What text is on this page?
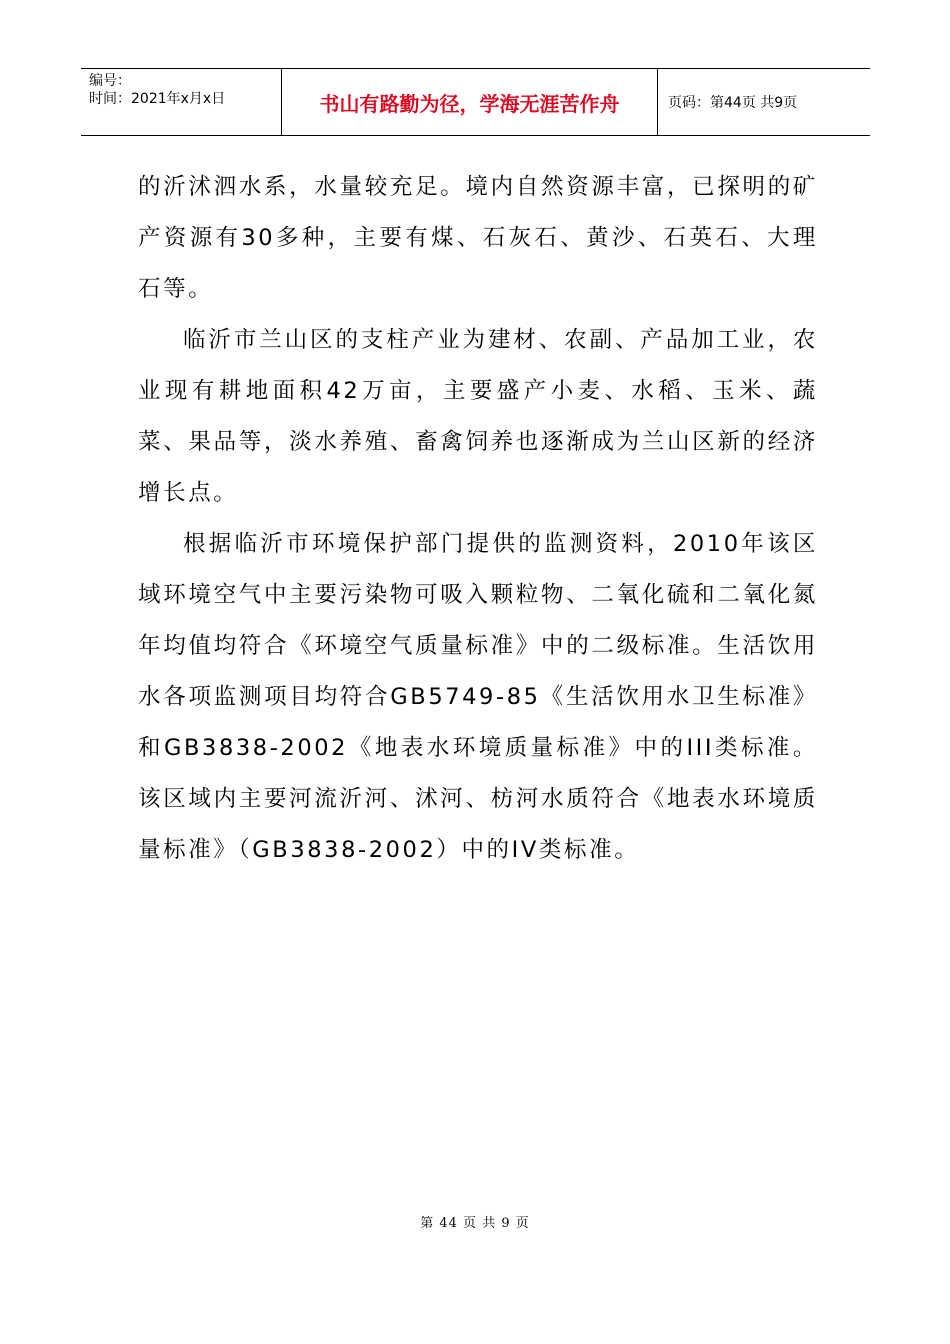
编号：
时间：2021年x月x日	书山有路勤为径，学海无涯苦作舟	页码：第44页 共9页

的沂沭泗水系，水量较充足。境内自然资源丰富，已探明的矿产资源有30多种，主要有煤、石灰石、黄沙、石英石、大理石等。

临沂市兰山区的支柱产业为建材、农副、产品加工业，农业现有耕地面积42万亩，主要盛产小麦、水稻、玉米、蔬菜、果品等，淡水养殖、畜禽饲养也逐渐成为兰山区新的经济增长点。

根据临沂市环境保护部门提供的监测资料，2010年该区域环境空气中主要污染物可吸入颗粒物、二氧化硫和二氧化氮年均值均符合《环境空气质量标准》中的二级标准。生活饮用水各项监测项目均符合GB5749-85《生活饮用水卫生标准》和GB3838-2002《地表水环境质量标准》中的III类标准。该区域内主要河流沂河、沭河、枋河水质符合《地表水环境质量标准》（GB3838-2002）中的IV类标准。

第 44 页 共 9 页
